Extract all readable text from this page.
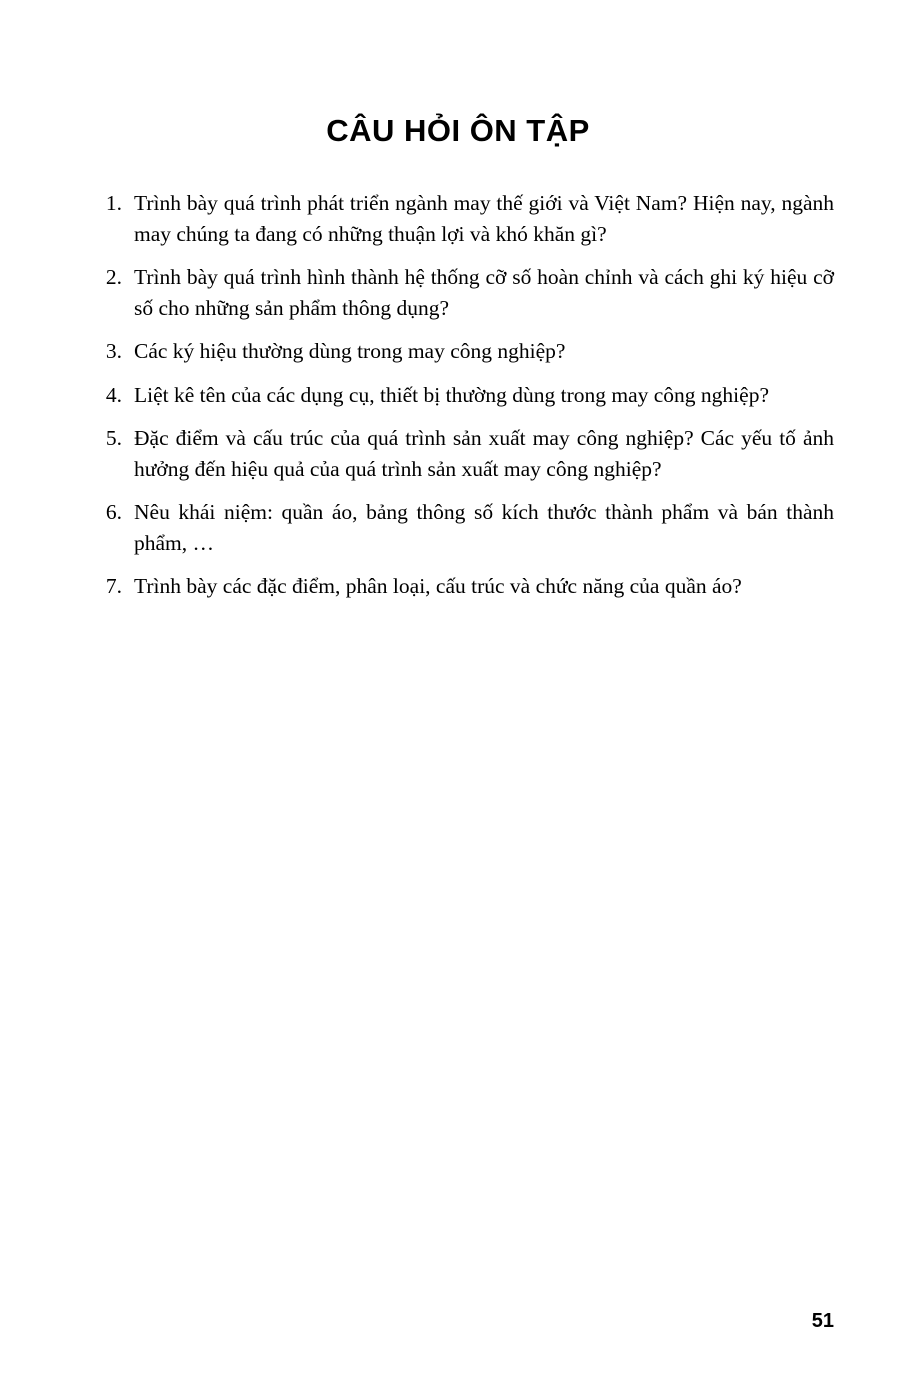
CÂU HỎI ÔN TẬP
1. Trình bày quá trình phát triển ngành may thế giới và Việt Nam? Hiện nay, ngành may chúng ta đang có những thuận lợi và khó khăn gì?
2. Trình bày quá trình hình thành hệ thống cỡ số hoàn chỉnh và cách ghi ký hiệu cỡ số cho những sản phẩm thông dụng?
3. Các ký hiệu thường dùng trong may công nghiệp?
4. Liệt kê tên của các dụng cụ, thiết bị thường dùng trong may công nghiệp?
5. Đặc điểm và cấu trúc của quá trình sản xuất may công nghiệp? Các yếu tố ảnh hưởng đến hiệu quả của quá trình sản xuất may công nghiệp?
6. Nêu khái niệm: quần áo, bảng thông số kích thước thành phẩm và bán thành phẩm, …
7. Trình bày các đặc điểm, phân loại, cấu trúc và chức năng của quần áo?
51
